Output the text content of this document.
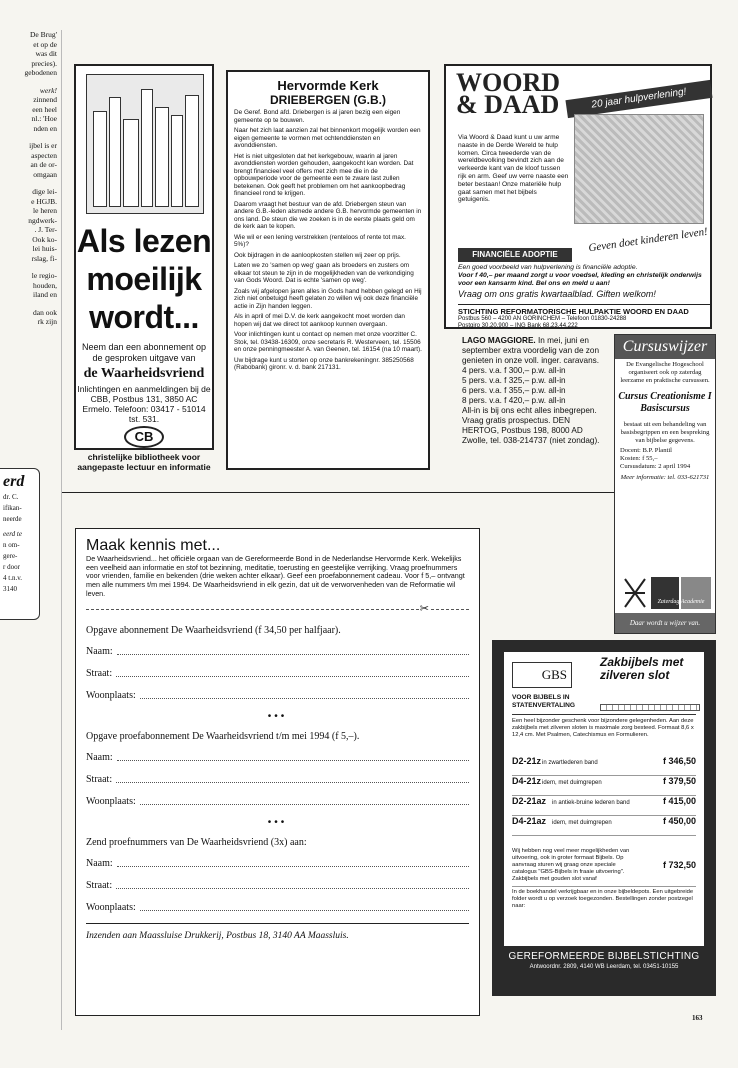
De Brug'

et op de

was dit

precies).

gebodenen

werk!

zinnend

een heel

nl.: 'Hoe

nden en

ijbel is er

aspecten

an de or-

omgaan

dige lei-

e HGJB.

le heren

ngdwerk-

. J. Ter-

Ook ko-

lei huis-

rslag, fi-

le regio-

houden,

iland en

dan ook

rk zijn

erd

dr. C.

ifikan-

neerde

eerd te

n om-

gere-

r door

4 t.n.v.

3140

Als lezen
moeilijk
wordt...
Neem dan een abonnement op de gesproken uitgave van
de Waarheidsvriend
Inlichtingen en aanmeldingen bij de CBB, Postbus 131, 3850 AC Ermelo. Telefoon: 03417 - 51014 tst. 531.
CB
christelijke bibliotheek voor aangepaste lectuur en informatie
Hervormde Kerk
DRIEBERGEN (G.B.)

De Geref. Bond afd. Driebergen is al jaren bezig een eigen gemeente op te bouwen.

Naar het zich laat aanzien zal het binnenkort mogelijk worden een eigen gemeente te vormen met ochtenddiensten en avonddiensten.

Het is niet uitgesloten dat het kerkgebouw, waarin al jaren avonddiensten worden gehouden, aangekocht kan worden. Dat brengt financieel veel offers met zich mee die in de opbouwperiode voor de gemeente een te zware last zullen betekenen. Ook geeft het problemen om het aankoopbedrag financieel rond te krijgen.

Daarom vraagt het bestuur van de afd. Driebergen steun van andere G.B.-leden alsmede andere G.B. hervormde gemeenten in ons land. De steun die we zoeken is in de eerste plaats geld om de kerk aan te kopen.

Wie wil er een lening verstrekken (renteloos of rente tot max. 5%)?

Ook bijdragen in de aanloopkosten stellen wij zeer op prijs.

Laten we zo 'samen op weg' gaan als broeders en zusters om elkaar tot steun te zijn in de mogelijkheden van de verkondiging van Gods Woord. Dat is echte 'samen op weg'.

Zoals wij afgelopen jaren alles in Gods hand hebben gelegd en Hij zich niet onbetuigd heeft gelaten zo willen wij ook deze financiële actie in Zijn handen leggen.

Als in april of mei D.V. de kerk aangekocht moet worden dan hopen wij dat we direct tot aankoop kunnen overgaan.

Voor inlichtingen kunt u contact op nemen met onze voorzitter C. Stok, tel. 03438-16309, onze secretaris R. Westerveen, tel. 15506 en onze penningmeester A. van Geenen, tel. 16154 (na 10 maart).

Uw bijdrage kunt u storten op onze bankrekeningnr. 385250568 (Rabobank) gironr. v. d. bank 217131.

WOORD
& DAAD	20 jaar hulpverlening!
Via Woord & Daad kunt u uw arme naaste in de Derde Wereld te hulp komen. Circa tweederde van de wereldbevolking bevindt zich aan de verkeerde kant van de kloof tussen rijk en arm. Geef uw verre naaste een beter bestaan! Onze materiële hulp gaat samen met het bijbels getuigenis.
Geven doet kinderen leven!
FINANCIËLE ADOPTIE
Een goed voorbeeld van hulpverlening is financiële adoptie.
Voor f 40,– per maand zorgt u voor voedsel, kleding en christelijk onderwijs voor een kansarm kind. Bel ons en meld u aan!
Vraag om ons gratis kwartaalblad. Giften welkom!
STICHTING REFORMATORISCHE HULPAKTIE WOORD EN DAAD
Postbus 560 – 4200 AN GORINCHEM – Telefoon 01830-24288
Postgiro 30.20.900 – ING Bank 68.23.44.222
LAGO MAGGIORE. In mei, juni en september extra voordelig van de zon genieten in onze voll. inger. caravans.
4 pers. v.a. f 300,– p.w. all-in
5 pers. v.a. f 325,– p.w. all-in
6 pers. v.a. f 355,– p.w. all-in
8 pers. v.a. f 420,– p.w. all-in
All-in is bij ons echt alles inbegrepen. Vraag gratis prospectus. DEN HERTOG, Postbus 198, 8000 AD Zwolle, tel. 038-214737 (niet zondag).
Cursuswijzer
De Evangelische Hogeschool organiseert ook op zaterdag leerzame en praktische cursussen.
Cursus Creationisme I Basiscursus
bestaat uit een behandeling van basisbegrippen en een bespreking van bijbelse gegevens.
Docent: B.P. Plantil
Kosten: f 55,–
Cursusdatum: 2 april 1994
Meer informatie: tel. 033-621731
Zaterdag Academie
Daar wordt u wijzer van.
Maak kennis met...
De Waarheidsvriend... het officiële orgaan van de Gereformeerde Bond in de Nederlandse Hervormde Kerk. Wekelijks een veelheid aan informatie en stof tot bezinning, meditatie, toerusting en geestelijke verrijking. Vraag proefnummers voor vrienden, familie en bekenden (drie weken achter elkaar). Geef een proefabonnement cadeau. Voor f 5,– ontvangt men alle nummers t/m mei 1994. De Waarheidsvriend in elk gezin, dat uit de verworvenheden van de Reformatie wil leven.
✂
Opgave abonnement De Waarheidsvriend (f 34,50 per halfjaar).
Naam:
Straat:
Woonplaats:
•••
Opgave proefabonnement De Waarheidsvriend t/m mei 1994 (f 5,–).
Naam:
Straat:
Woonplaats:
•••
Zend proefnummers van De Waarheidsvriend (3x) aan:
Naam:
Straat:
Woonplaats:
Inzenden aan Maassluise Drukkerij, Postbus 18, 3140 AA Maassluis.
GBS
Zakbijbels met zilveren slot
VOOR BIJBELS IN STATENVERTALING
Een heel bijzonder geschenk voor bijzondere gelegenheden. Aan deze zakbijbels met zilveren sloten is maximale zorg besteed. Formaat 8,6 x 12,4 cm. Met Psalmen, Catechismus en Formulieren.
D2-21z in zwartlederen band	f 346,50
D4-21z idem, met duimgrepen	f 379,50
D2-21az in antiek-bruine lederen band	f 415,00
D4-21az idem, met duimgrepen	f 450,00
Wij hebben nog veel meer mogelijkheden van uitvoering, ook in groter formaat Bijbels. Op aanvraag sturen wij graag onze speciale catalogus "GBS-Bijbels in fraaie uitvoering". Zakbijbels met gouden slot vanaf
f 732,50
In de boekhandel verkrijgbaar en in onze bijbeldepots. Een uitgebreide folder wordt u op verzoek toegezonden. Bestellingen zonder postzegel naar:
GEREFORMEERDE BIJBELSTICHTING
Antwoordnr. 2809, 4140 WB Leerdam, tel. 03451-10155
163
